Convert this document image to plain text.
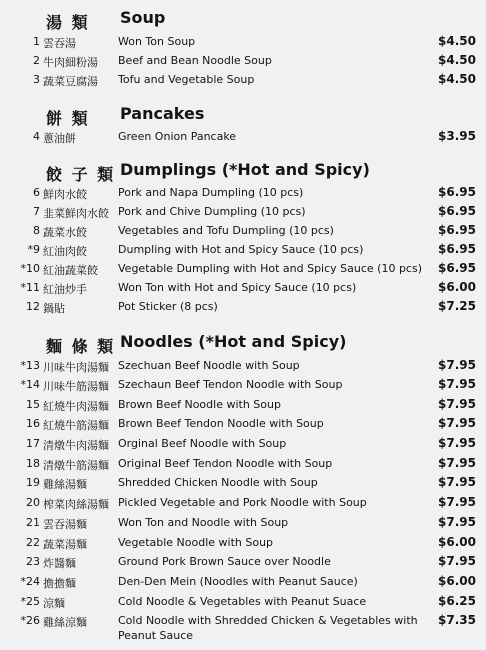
湯 類 Soup
1 雲吞湯	Won Ton Soup	$4.50
2 牛肉細粉湯 Beef and Bean Noodle Soup	$4.50
3 蔬菜豆腐湯 Tofu and Vegetable Soup	$4.50
餅 類 Pancakes
4 蔥油餅	Green Onion Pancake	$3.95
餃 子 類 Dumplings (*Hot and Spicy)
6 鮮肉水餃	Pork and Napa Dumpling (10 pcs)	$6.95
7 韭菜鮮肉水餃 Pork and Chive Dumpling (10 pcs)	$6.95
8 蔬菜水餃	Vegetables and Tofu Dumpling (10 pcs)	$6.95
*9 紅油肉餃	Dumpling with Hot and Spicy Sauce (10 pcs)	$6.95
*10 紅油蔬菜餃 Vegetable Dumpling with Hot and Spicy Sauce (10 pcs) $6.95
*11 紅油炒手	Won Ton with Hot and Spicy Sauce (10 pcs)	$6.00
12 鍋貼	Pot Sticker (8 pcs)	$7.25
麵 條 類 Noodles (*Hot and Spicy)
*13 川味牛肉湯麵 Szechuan Beef Noodle with Soup	$7.95
*14 川味牛筋湯麵 Szechaun Beef Tendon Noodle with Soup	$7.95
15 紅燒牛肉湯麵 Brown Beef Noodle with Soup	$7.95
16 紅燒牛筋湯麵 Brown Beef Tendon Noodle with Soup	$7.95
17 清燉牛肉湯麵 Orginal Beef Noodle with Soup	$7.95
18 清燉牛筋湯麵 Original Beef Tendon Noodle with Soup	$7.95
19 雞絲湯麵	Shredded Chicken Noodle with Soup	$7.95
20 榨菜肉絲湯麵 Pickled Vegetable and Pork Noodle with Soup	$7.95
21 雲吞湯麵	Won Ton and Noodle with Soup	$7.95
22 蔬菜湯麵	Vegetable Noodle with Soup	$6.00
23 炸醬麵	Ground Pork Brown Sauce over Noodle	$7.95
*24 擔擔麵	Den-Den Mein (Noodles with Peanut Sauce)	$6.00
*25 涼麵	Cold Noodle & Vegetables with Peanut Suace	$6.25
*26 雞絲涼麵	Cold Noodle with Shredded Chicken & Vegetables with Peanut Sauce
$7.35
